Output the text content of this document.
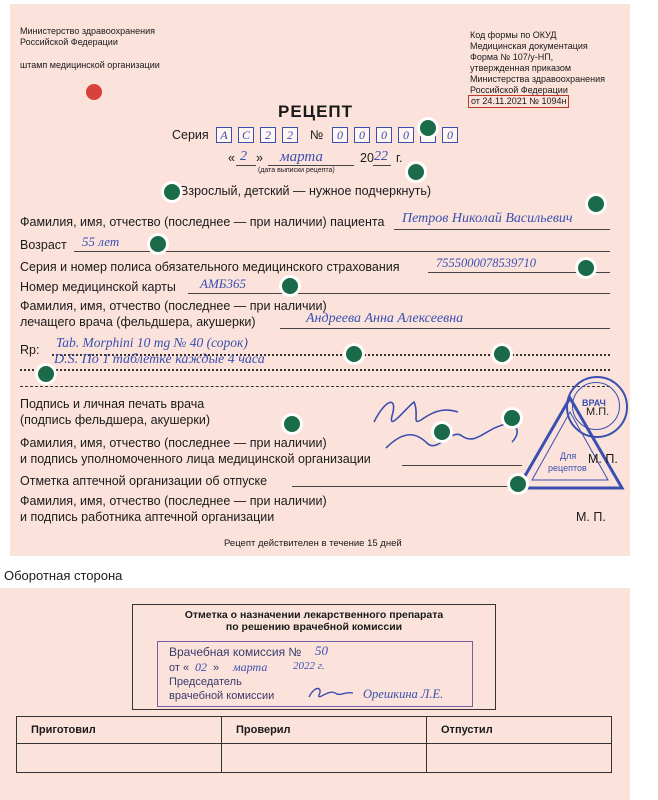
Министерство здравоохранения
Российской Федерации
штамп медицинской организации
Код формы по ОКУД
Медицинская документация
Форма № 107/у-НП,
утвержденная приказом
Министерства здравоохранения
Российской Федерации
от 24.11.2021 № 1094н
РЕЦЕПТ
Серия А	С	2	2	№	0	0	0	0	0
« 2 » марта	20 22 г.
(дата выписки рецепта)
Взрослый, детский — нужное подчеркнуть)
Фамилия, имя, отчество (последнее — при наличии) пациента Петров Николай Васильевич
Возраст 55 лет
Серия и номер полиса обязательного медицинского страхования	7555000078539710
Номер медицинской карты АМБ365
Фамилия, имя, отчество (последнее — при наличии)
лечащего врача (фельдшера, акушерки)	Андреева Анна Алексеевна
Rp: Tab. Morphini 10 mg № 40 (сорок)
D.S. По 1 таблетке каждые 4 часа
Подпись и личная печать врача
(подпись фельдшера, акушерки)
Фамилия, имя, отчество (последнее — при наличии)
и подпись уполномоченного лица медицинской организации
Отметка аптечной организации об отпуске
Фамилия, имя, отчество (последнее — при наличии)
и подпись работника аптечной организации	М. П.
Рецепт действителен в течение 15 дней
ВРАЧ
М.П.
Для
рецептов
М. П.
Оборотная сторона
Отметка о назначении лекарственного препарата
по решению врачебной комиссии
Врачебная комиссия № 50
от « 02 » марта 2022 г.
Председатель
врачебной комиссии	Орешкина Л.Е.
Приготовил	Проверил	Отпустил
